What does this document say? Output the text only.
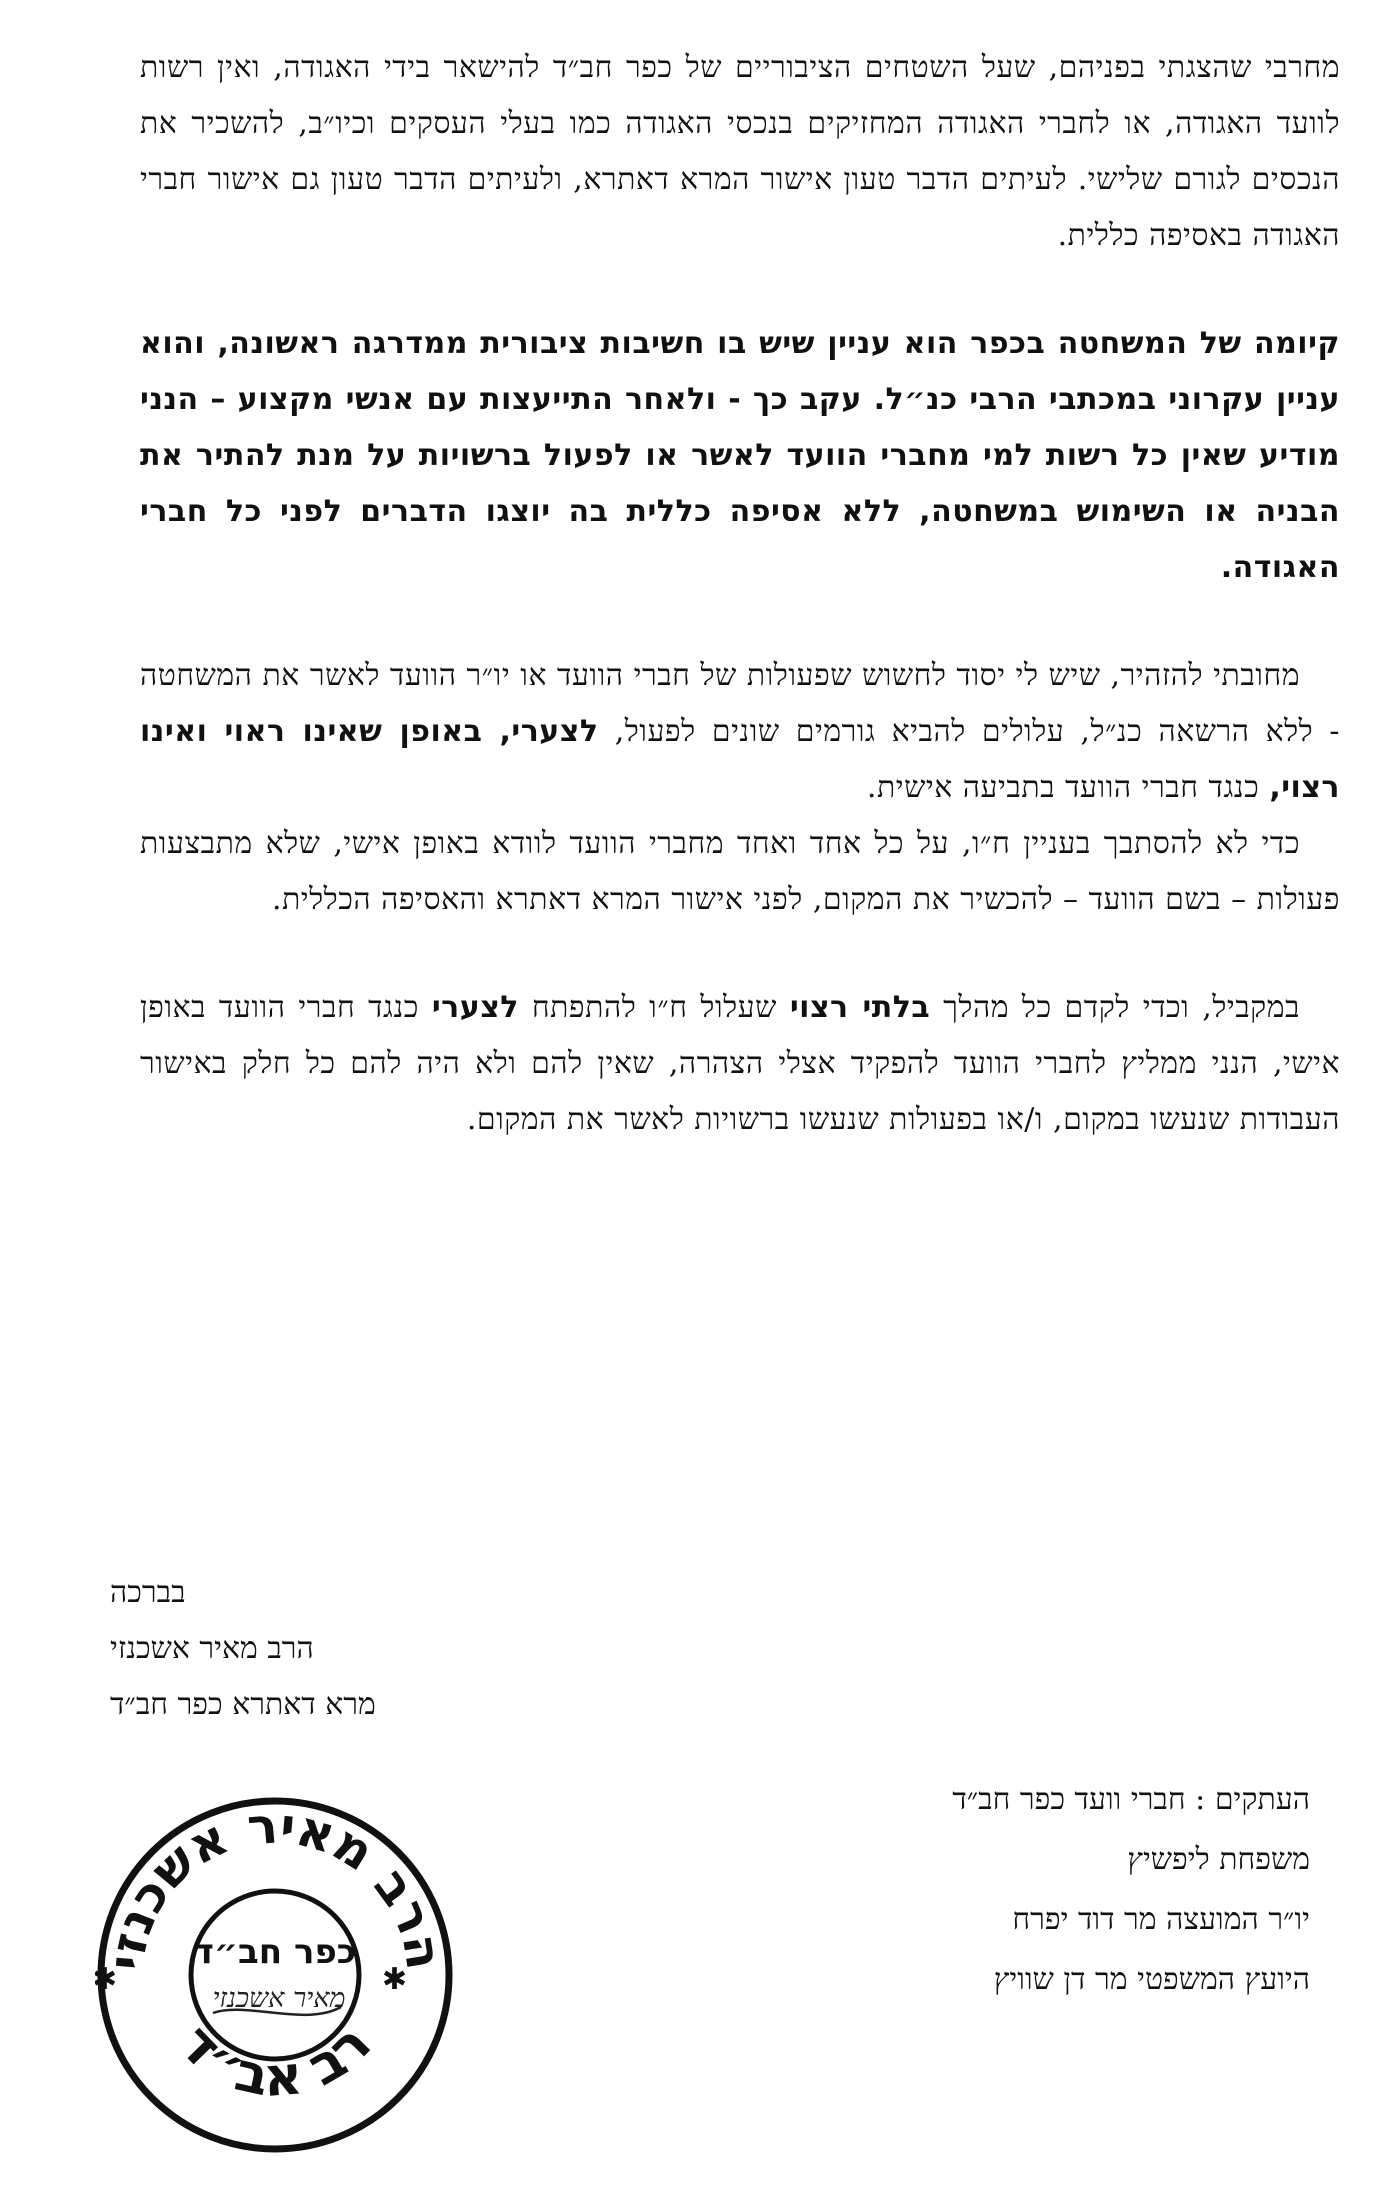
מחרבי שהצגתי בפניהם, שעל השטחים הציבוריים של כפר חב״ד להישאר בידי האגודה, ואין רשות לוועד האגודה, או לחברי האגודה המחזיקים בנכסי האגודה כמו בעלי העסקים וכיו״ב, להשכיר את הנכסים לגורם שלישי. לעיתים הדבר טעון אישור המרא דאתרא, ולעיתים הדבר טעון גם אישור חברי האגודה באסיפה כללית.

קיומה של המשחטה בכפר הוא עניין שיש בו חשיבות ציבורית ממדרגה ראשונה, והוא עניין עקרוני במכתבי הרבי כנ״ל. עקב כך - ולאחר התייעצות עם אנשי מקצוע – הנני מודיע שאין כל רשות למי מחברי הוועד לאשר או לפעול ברשויות על מנת להתיר את הבניה או השימוש במשחטה, ללא אסיפה כללית בה יוצגו הדברים לפני כל חברי האגודה.

מחובתי להזהיר, שיש לי יסוד לחשוש שפעולות של חברי הוועד או יו״ר הוועד לאשר את המשחטה - ללא הרשאה כנ״ל, עלולים להביא גורמים שונים לפעול, לצערי, באופן שאינו ראוי ואינו רצוי, כנגד חברי הוועד בתביעה אישית.

כדי לא להסתבך בעניין ח״ו, על כל אחד ואחד מחברי הוועד לוודא באופן אישי, שלא מתבצעות פעולות – בשם הוועד – להכשיר את המקום, לפני אישור המרא דאתרא והאסיפה הכללית.

במקביל, וכדי לקדם כל מהלך בלתי רצוי שעלול ח״ו להתפתח לצערי כנגד חברי הוועד באופן אישי, הנני ממליץ לחברי הוועד להפקיד אצלי הצהרה, שאין להם ולא היה להם כל חלק באישור העבודות שנעשו במקום, ו/או בפעולות שנעשו ברשויות לאשר את המקום.

בברכה
הרב מאיר אשכנזי
מרא דאתרא כפר חב״ד
העתקים : חברי וועד כפר חב״ד
משפחת ליפשיץ
יו״ר המועצה מר דוד יפרח
היועץ המשפטי מר דן שוויץ
הרב מאיר אשכנזי
רב אב״ד
✱	✱
כפר חב״ד
מאיר אשכנזי
